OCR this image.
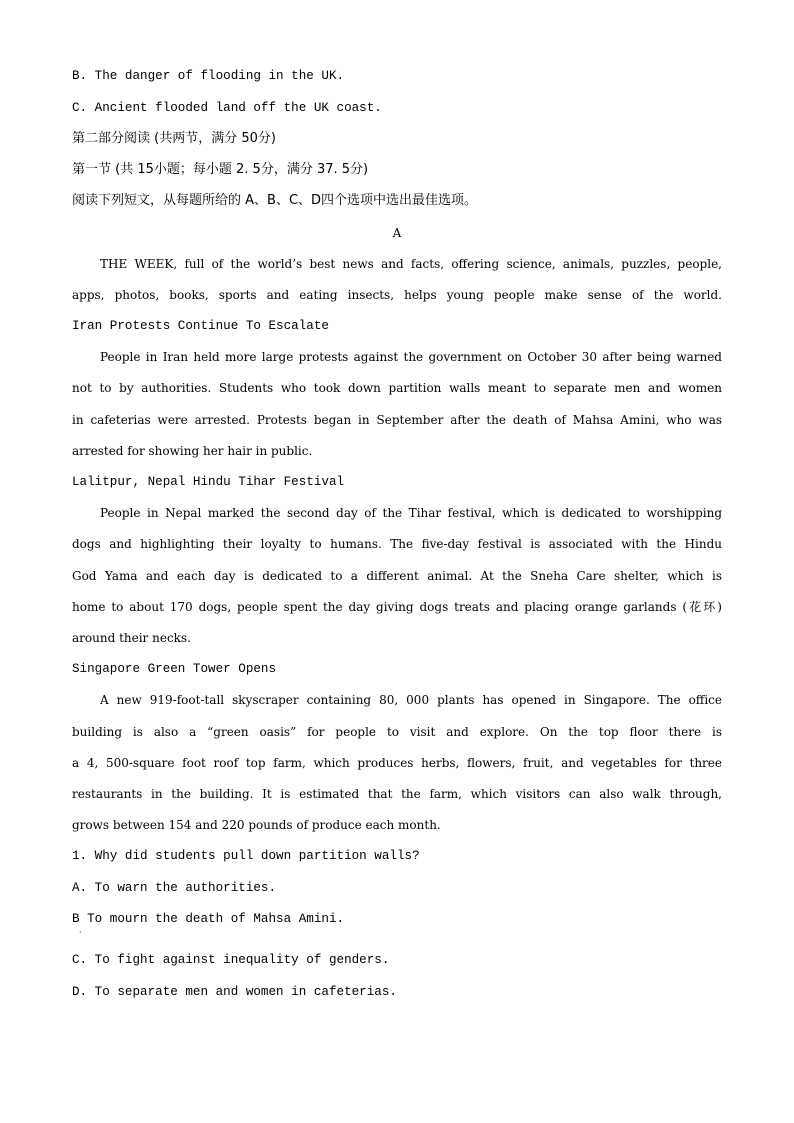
B. The danger of flooding in the UK.
C. Ancient flooded land off the UK coast.
第二部分阅读 (共两节，满分 50分)
第一节 (共 15小题；每小题 2. 5分，满分 37. 5分)
阅读下列短文，从每题所给的 A、B、C、D四个选项中选出最佳选项。
A
THE WEEK, full of the world’s best news and facts, offering science, animals, puzzles, people,
apps, photos, books, sports and eating insects, helps young people make sense of the world.
Iran Protests Continue To Escalate
People in Iran held more large protests against the government on October 30 after being warned
not to by authorities. Students who took down partition walls meant to separate men and women
in cafeterias were arrested. Protests began in September after the death of Mahsa Amini, who was
arrested for showing her hair in public.
Lalitpur, Nepal Hindu Tihar Festival
People in Nepal marked the second day of the Tihar festival, which is dedicated to worshipping
dogs and highlighting their loyalty to humans. The five-day festival is associated with the Hindu
God Yama and each day is dedicated to a different animal. At the Sneha Care shelter, which is
home to about 170 dogs, people spent the day giving dogs treats and placing orange garlands (花环)
around their necks.
Singapore Green Tower Opens
A new 919-foot-tall skyscraper containing 80, 000 plants has opened in Singapore. The office
building is also a “green oasis” for people to visit and explore. On the top floor there is
a 4, 500-square foot roof top farm, which produces herbs, flowers, fruit, and vegetables for three
restaurants in the building. It is estimated that the farm, which visitors can also walk through,
grows between 154 and 220 pounds of produce each month.
1. Why did students pull down partition walls?
A. To warn the authorities.
B To mourn the death of Mahsa Amini.
·
C. To fight against inequality of genders.
D. To separate men and women in cafeterias.
